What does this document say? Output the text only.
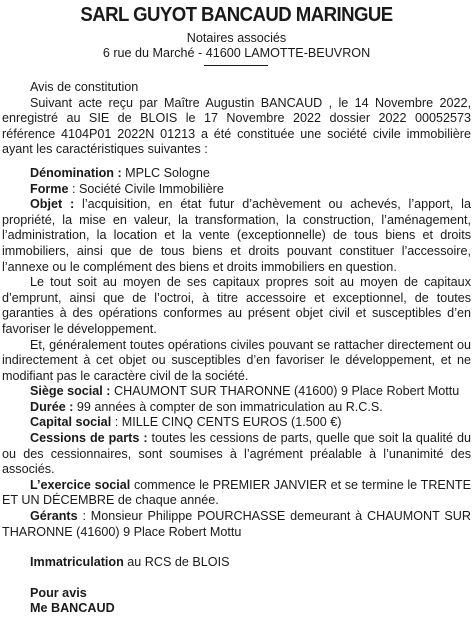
SARL GUYOT BANCAUD MARINGUE
Notaires associés
6 rue du Marché - 41600 LAMOTTE-BEUVRON

Avis de constitution

Suivant acte reçu par Maître Augustin BANCAUD , le 14 Novembre 2022, enregistré au SIE de BLOIS le 17 Novembre 2022 dossier 2022 00052573 référence 4104P01 2022N 01213 a été constituée une société civile immobilière ayant les caractéristiques suivantes :

Dénomination : MPLC Sologne

Forme : Société Civile Immobilière

Objet : l’acquisition, en état futur d’achèvement ou achevés, l’apport, la propriété, la mise en valeur, la transformation, la construction, l’aménagement, l’administration, la location et la vente (exceptionnelle) de tous biens et droits immobiliers, ainsi que de tous biens et droits pouvant constituer l’accessoire, l’annexe ou le complément des biens et droits immobiliers en question.

Le tout soit au moyen de ses capitaux propres soit au moyen de capitaux d’emprunt, ainsi que de l’octroi, à titre accessoire et exceptionnel, de toutes garanties à des opérations conformes au présent objet civil et susceptibles d’en favoriser le développement.

Et, généralement toutes opérations civiles pouvant se rattacher directement ou indirectement à cet objet ou susceptibles d’en favoriser le développement, et ne modifiant pas le caractère civil de la société.

Siège social : CHAUMONT SUR THARONNE (41600) 9 Place Robert Mottu

Durée : 99 années à compter de son immatriculation au R.C.S.

Capital social : MILLE CINQ CENTS EUROS (1.500 €)

Cessions de parts : toutes les cessions de parts, quelle que soit la qualité du ou des cessionnaires, sont soumises à l’agrément préalable à l’unanimité des associés.

L’exercice social commence le PREMIER JANVIER et se termine le TRENTE ET UN DÉCEMBRE de chaque année.

Gérants : Monsieur Philippe POURCHASSE demeurant à CHAUMONT SUR THARONNE (41600) 9 Place Robert Mottu

Immatriculation au RCS de BLOIS

Pour avis

Me BANCAUD
